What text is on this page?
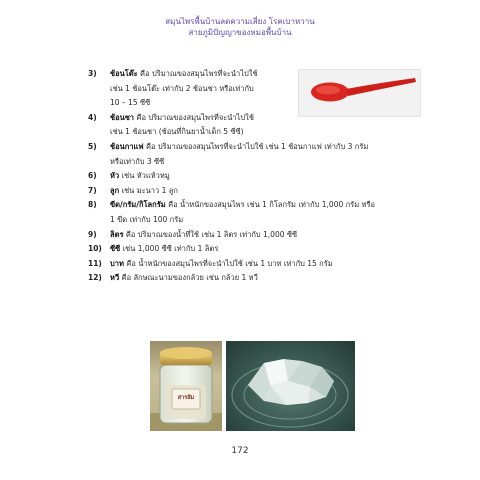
สมุนไพรพื้นบ้านลดความเสี่ยง โรคเบาหวาน
สายภูมิปัญญาของหมอพื้นบ้าน
3)	ช้อนโต๊ะ คือ ปริมาณของสมุนไพรที่จะนำไปใช้
เช่น 1 ช้อนโต๊ะ เท่ากับ 2 ช้อนชา หรือเท่ากับ
10 – 15 ซีซี
4)	ช้อนชา คือ ปริมาณของสมุนไพรที่จะนำไปใช้
เช่น 1 ช้อนชา (ช้อนที่กินยาน้ำเด็ก 5 ซีซี)
5)	ช้อนกาแฟ คือ ปริมาณของสมุนไพรที่จะนำไปใช้ เช่น 1 ช้อนกาแฟ เท่ากับ 3 กรัม
หรือเท่ากับ 3 ซีซี
6)	หัว เช่น หัวแห้วหมู
7)	ลูก เช่น มะนาว 1 ลูก
8)	ขีด/กรัม/กิโลกรัม คือ น้ำหนักของสมุนไพร เช่น 1 กิโลกรัม เท่ากับ 1,000 กรัม หรือ
1 ขีด เท่ากับ 100 กรัม
9)	ลิตร คือ ปริมาณของน้ำที่ใช้ เช่น 1 ลิตร เท่ากับ 1,000 ซีซี
10)	ซีซี เช่น 1,000 ซีซี เท่ากับ 1 ลิตร
11)	บาท คือ น้ำหนักของสมุนไพรที่จะนำไปใช้ เช่น 1 บาท เท่ากับ 15 กรัม
12)	หวี คือ ลักษณะนามของกล้วย เช่น กล้วย 1 หวี
สารส้ม
172
